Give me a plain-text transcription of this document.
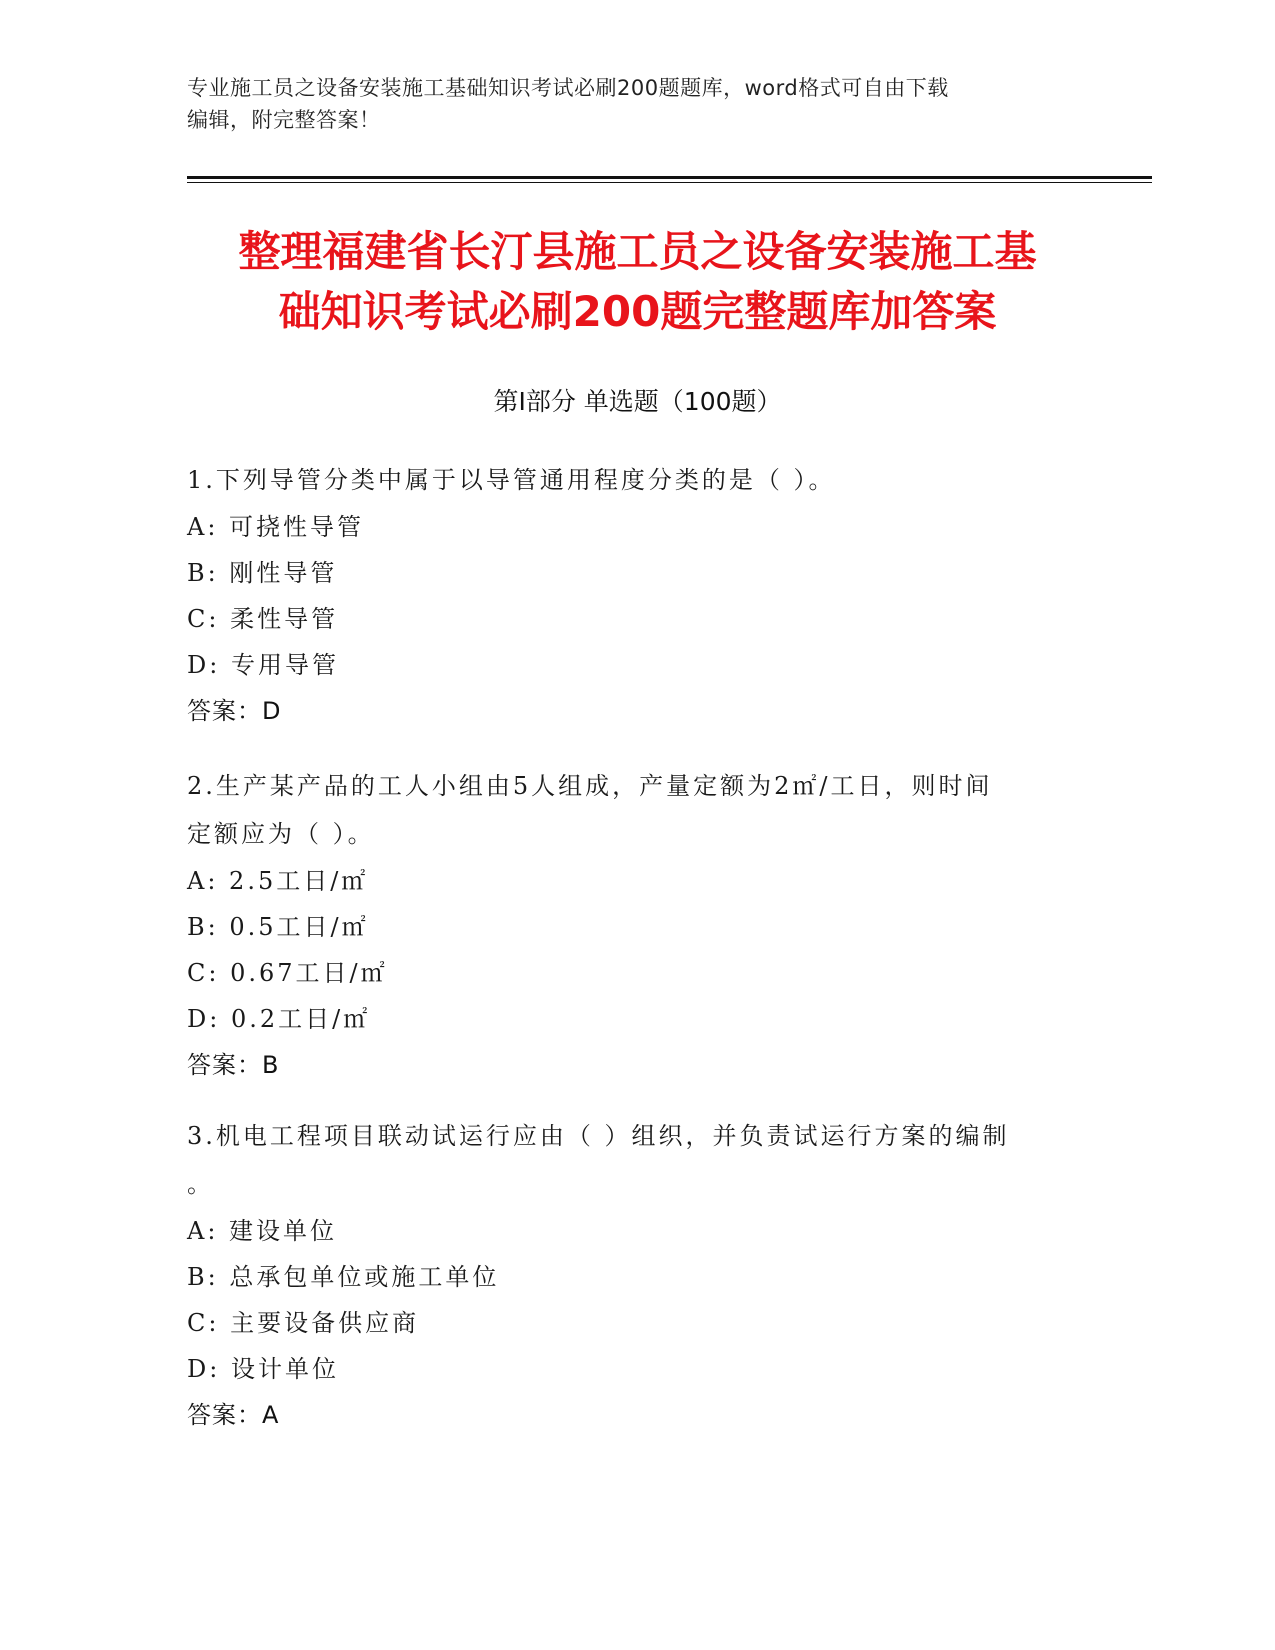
专业施工员之设备安装施工基础知识考试必刷200题题库，word格式可自由下载
编辑，附完整答案！
整理福建省长汀县施工员之设备安装施工基
础知识考试必刷200题完整题库加答案
第Ⅰ部分 单选题（100题）
1.下列导管分类中属于以导管通用程度分类的是（ ）。
A: 可挠性导管
B: 刚性导管
C: 柔性导管
D: 专用导管
答案：D
2.生产某产品的工人小组由5人组成，产量定额为2㎡/工日，则时间
定额应为（ ）。
A: 2.5工日/㎡
B: 0.5工日/㎡
C: 0.67工日/㎡
D: 0.2工日/㎡
答案：B
3.机电工程项目联动试运行应由（ ）组织，并负责试运行方案的编制
。
A: 建设单位
B: 总承包单位或施工单位
C: 主要设备供应商
D: 设计单位
答案：A
